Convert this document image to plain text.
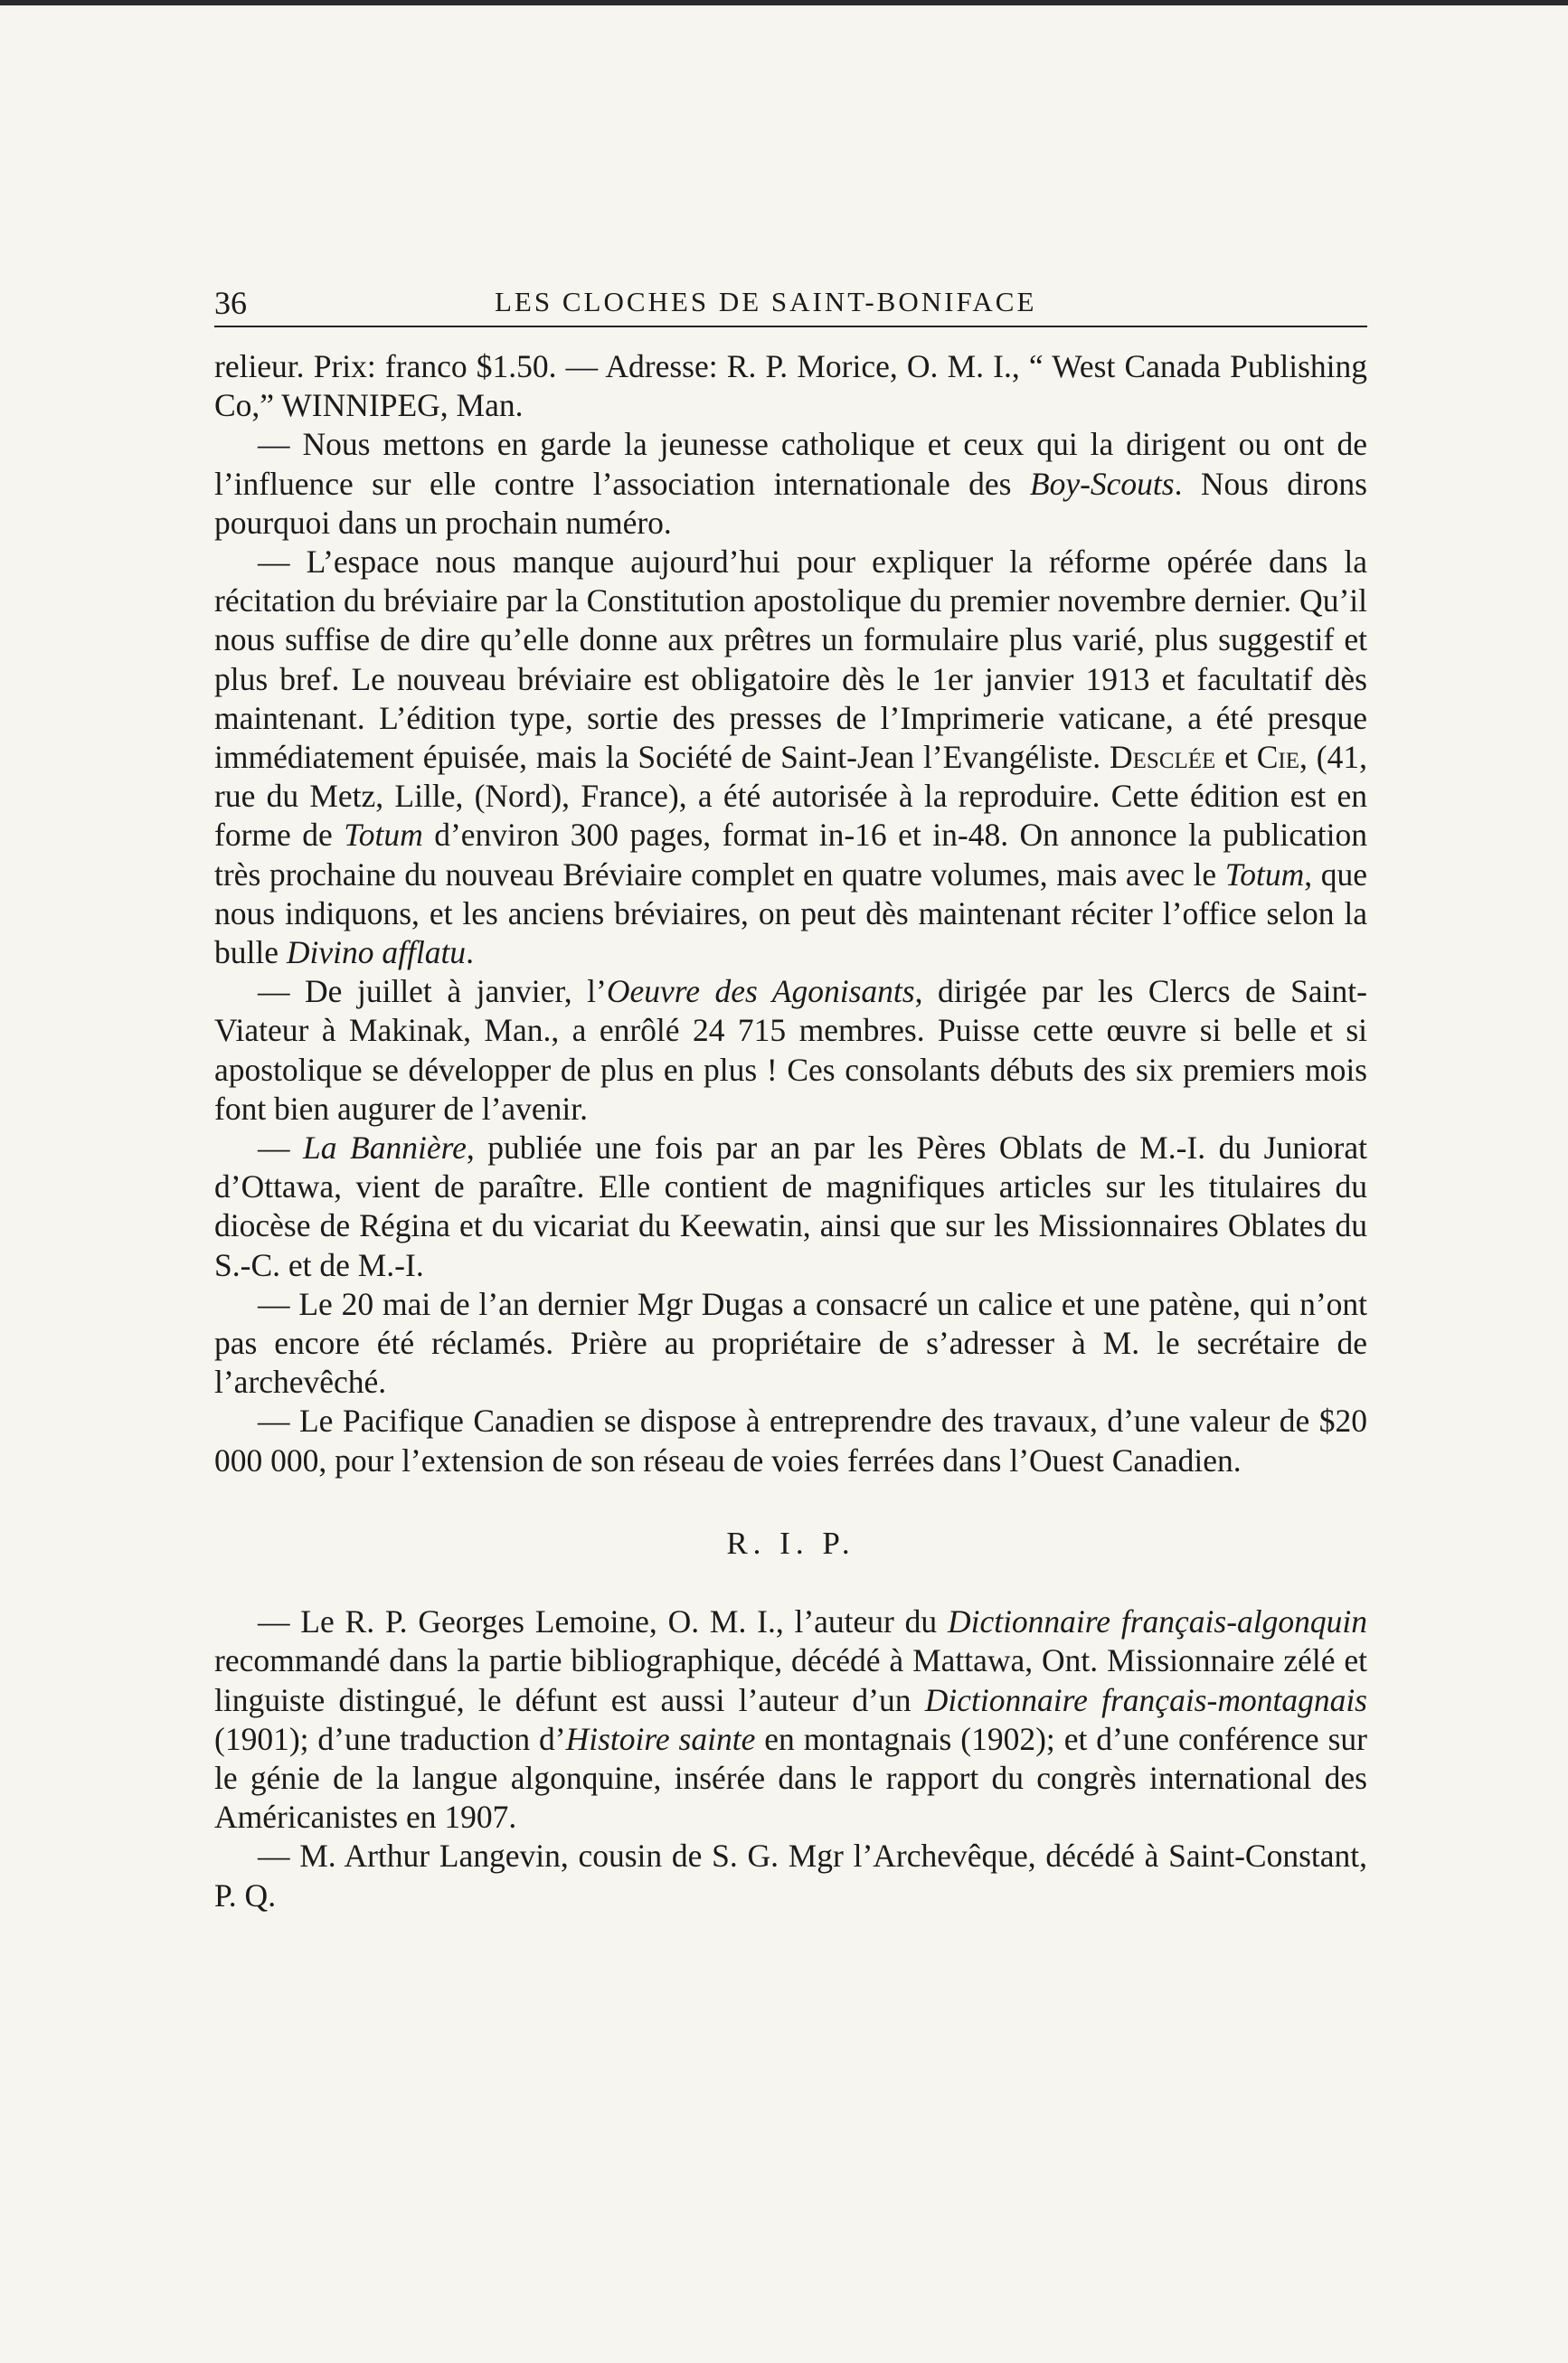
36	LES CLOCHES DE SAINT-BONIFACE

relieur. Prix: franco $1.50. — Adresse: R. P. Morice, O. M. I., “ West Canada Publishing Co,” WINNIPEG, Man.

— Nous mettons en garde la jeunesse catholique et ceux qui la dirigent ou ont de l’influence sur elle contre l’association internationale des Boy-Scouts. Nous dirons pourquoi dans un prochain numéro.

— L’espace nous manque aujourd’hui pour expliquer la réforme opérée dans la récitation du bréviaire par la Constitution apostolique du premier novembre dernier. Qu’il nous suffise de dire qu’elle donne aux prêtres un formulaire plus varié, plus suggestif et plus bref. Le nouveau bréviaire est obligatoire dès le 1er janvier 1913 et facultatif dès maintenant. L’édition type, sortie des presses de l’Imprimerie vaticane, a été presque immédiatement épuisée, mais la Société de Saint-Jean l’Evangéliste. Desclée et Cie, (41, rue du Metz, Lille, (Nord), France), a été autorisée à la reproduire. Cette édition est en forme de Totum d’environ 300 pages, format in-16 et in-48. On annonce la publication très prochaine du nouveau Bréviaire complet en quatre volumes, mais avec le Totum, que nous indiquons, et les anciens bréviaires, on peut dès maintenant réciter l’office selon la bulle Divino afflatu.

— De juillet à janvier, l’Oeuvre des Agonisants, dirigée par les Clercs de Saint-Viateur à Makinak, Man., a enrôlé 24 715 membres. Puisse cette œuvre si belle et si apostolique se développer de plus en plus ! Ces consolants débuts des six premiers mois font bien augurer de l’avenir.

— La Bannière, publiée une fois par an par les Pères Oblats de M.-I. du Juniorat d’Ottawa, vient de paraître. Elle contient de magnifiques articles sur les titulaires du diocèse de Régina et du vicariat du Keewatin, ainsi que sur les Missionnaires Oblates du S.-C. et de M.-I.

— Le 20 mai de l’an dernier Mgr Dugas a consacré un calice et une patène, qui n’ont pas encore été réclamés. Prière au propriétaire de s’adresser à M. le secrétaire de l’archevêché.

— Le Pacifique Canadien se dispose à entreprendre des travaux, d’une valeur de $20 000 000, pour l’extension de son réseau de voies ferrées dans l’Ouest Canadien.

R. I. P.

— Le R. P. Georges Lemoine, O. M. I., l’auteur du Dictionnaire français-algonquin recommandé dans la partie bibliographique, décédé à Mattawa, Ont. Missionnaire zélé et linguiste distingué, le défunt est aussi l’auteur d’un Dictionnaire français-montagnais (1901); d’une traduction d’Histoire sainte en montagnais (1902); et d’une conférence sur le génie de la langue algonquine, insérée dans le rapport du congrès international des Américanistes en 1907.

— M. Arthur Langevin, cousin de S. G. Mgr l’Archevêque, décédé à Saint-Constant, P. Q.
